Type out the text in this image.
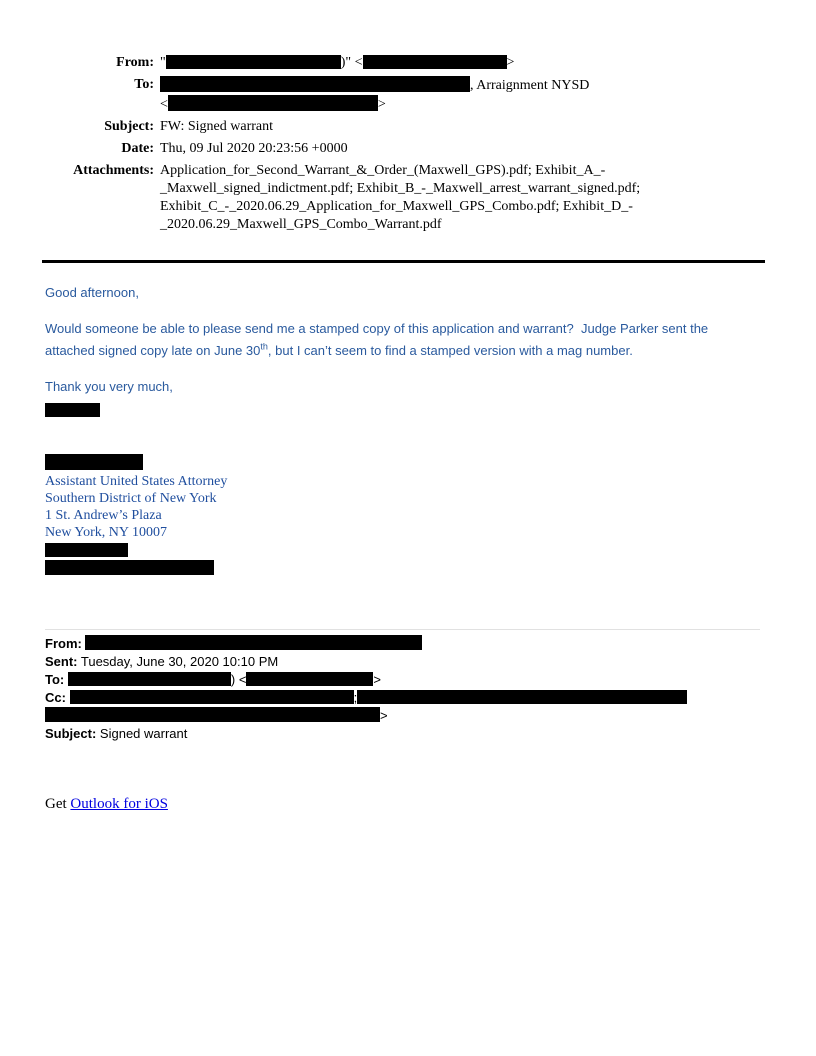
From:	" )" < >
To:	, Arraignment NYSD
< >
Subject:	FW: Signed warrant
Date:	Thu, 09 Jul 2020 20:23:56 +0000
Attachments:	Application_for_Second_Warrant_&_Order_(Maxwell_GPS).pdf; Exhibit_A_-_Maxwell_signed_indictment.pdf; Exhibit_B_-_Maxwell_arrest_warrant_signed.pdf; Exhibit_C_-_2020.06.29_Application_for_Maxwell_GPS_Combo.pdf; Exhibit_D_-_2020.06.29_Maxwell_GPS_Combo_Warrant.pdf

Good afternoon,

Would someone be able to please send me a stamped copy of this application and warrant?  Judge Parker sent the attached signed copy late on June 30th, but I can’t seem to find a stamped version with a mag number.

Thank you very much,

Assistant United States Attorney
Southern District of New York
1 St. Andrew’s Plaza
New York, NY 10007
From:
Sent: Tuesday, June 30, 2020 10:10 PM
To:	) <	>
Cc:	;
>
Subject: Signed warrant
Get Outlook for iOS
